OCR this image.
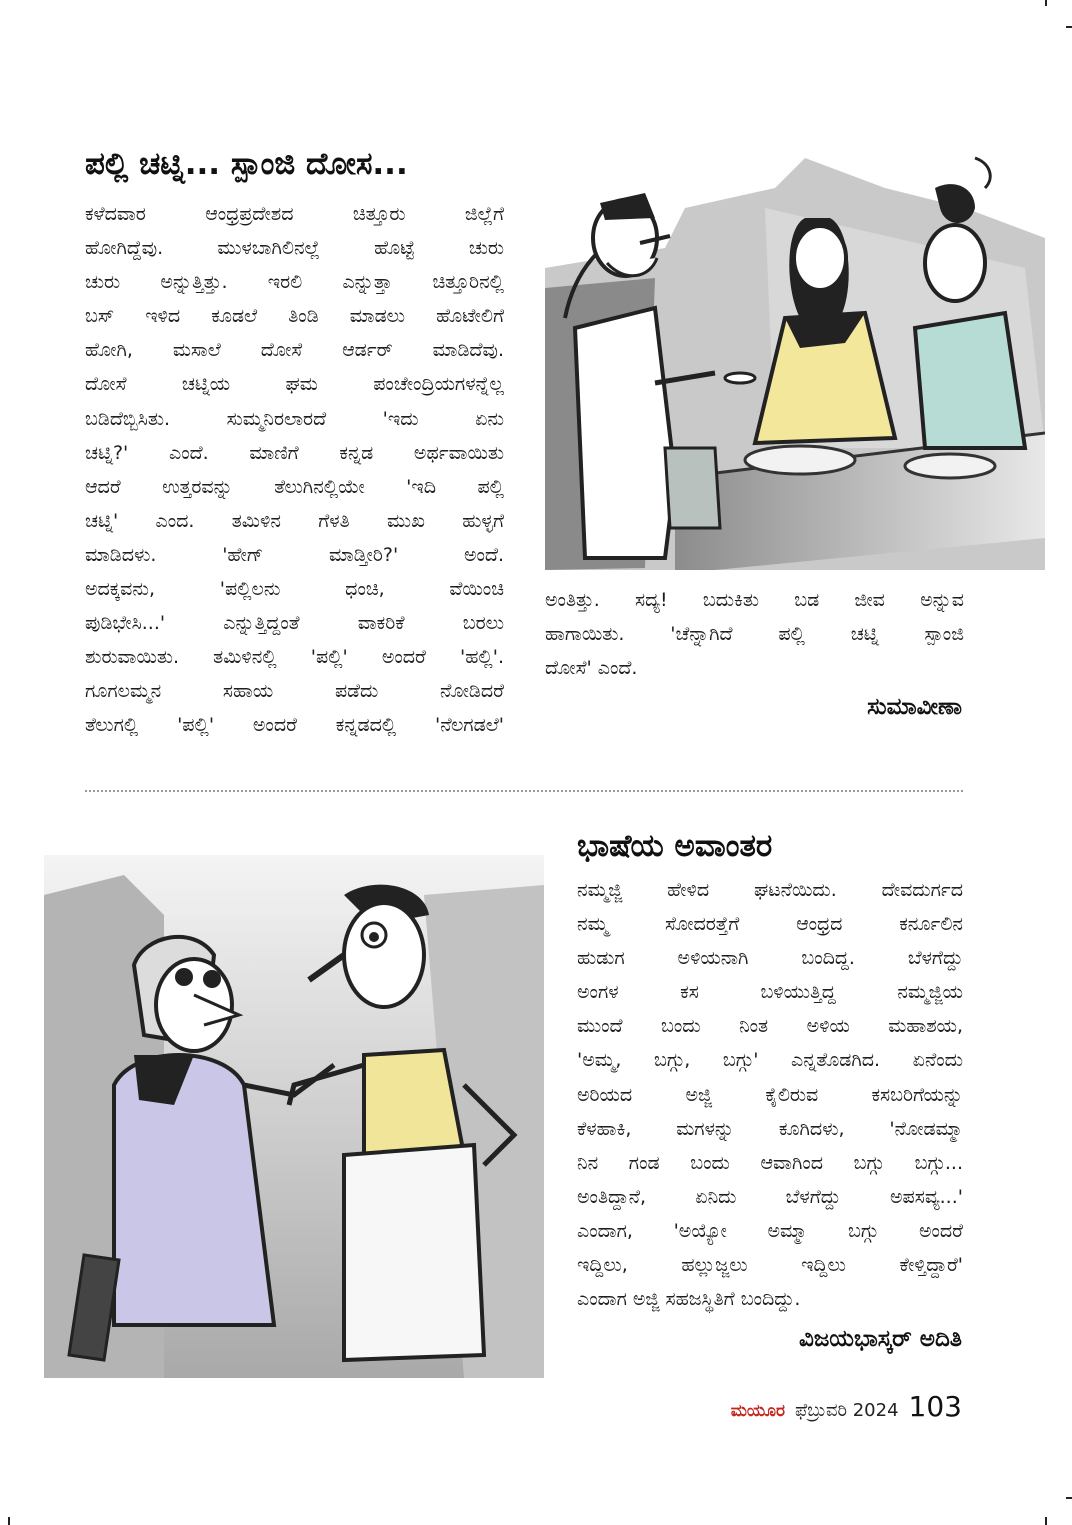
ಪಲ್ಲಿ ಚಟ್ನಿ... ಸ್ಪಾಂಜಿ ದೋಸ...
ಕಳೆದವಾರ ಆಂಧ್ರಪ್ರದೇಶದ ಚಿತ್ತೂರು ಜಿಲ್ಲೆಗೆ
ಹೋಗಿದ್ದೆವು. ಮುಳಬಾಗಿಲಿನಲ್ಲೆ ಹೊಟ್ಟೆ ಚುರು
ಚುರು ಅನ್ನುತ್ತಿತ್ತು. ಇರಲಿ ಎನ್ನುತ್ತಾ ಚಿತ್ತೂರಿನಲ್ಲಿ
ಬಸ್ ಇಳಿದ ಕೂಡಲೆ ತಿಂಡಿ ಮಾಡಲು ಹೊಟೇಲಿಗೆ
ಹೋಗಿ, ಮಸಾಲೆ ದೋಸೆ ಆರ್ಡರ್ ಮಾಡಿದೆವು.
ದೋಸೆ ಚಟ್ನಿಯ ಘಮ ಪಂಚೇಂದ್ರಿಯಗಳನ್ನೆಲ್ಲ
ಬಡಿದೆಬ್ಬಿಸಿತು. ಸುಮ್ಮನಿರಲಾರದೆ 'ಇದು ಏನು
ಚಟ್ನಿ?' ಎಂದೆ. ಮಾಣಿಗೆ ಕನ್ನಡ ಅರ್ಥವಾಯಿತು
ಆದರೆ ಉತ್ತರವನ್ನು ತೆಲುಗಿನಲ್ಲಿಯೇ 'ಇದಿ ಪಲ್ಲಿ
ಚಟ್ನಿ' ಎಂದ. ತಮಿಳಿನ ಗೆಳತಿ ಮುಖ ಹುಳ್ಳಗೆ
ಮಾಡಿದಳು. 'ಹೇಗ್ ಮಾಡ್ತೀರಿ?' ಅಂದೆ.
ಅದಕ್ಕವನು, 'ಪಲ್ಲಿಲನು ಧಂಚಿ, ವೆಯಿಂಚಿ
ಪುಡಿಭೇಸಿ...' ಎನ್ನುತ್ತಿದ್ದಂತೆ ವಾಕರಿಕೆ ಬರಲು
ಶುರುವಾಯಿತು. ತಮಿಳಿನಲ್ಲಿ 'ಪಲ್ಲಿ' ಅಂದರೆ 'ಹಲ್ಲಿ'.
ಗೂಗಲಮ್ಮನ ಸಹಾಯ ಪಡೆದು ನೋಡಿದರೆ
ತೆಲುಗಲ್ಲಿ 'ಪಲ್ಲಿ' ಅಂದರೆ ಕನ್ನಡದಲ್ಲಿ 'ನೆಲಗಡಲೆ'
ಅಂತಿತ್ತು. ಸದ್ಯ! ಬದುಕಿತು ಬಡ ಜೀವ ಅನ್ನುವ
ಹಾಗಾಯಿತು. 'ಚೆನ್ನಾಗಿದೆ ಪಲ್ಲಿ ಚಟ್ನಿ ಸ್ಪಾಂಜಿ
ದೋಸೆ' ಎಂದೆ.
ಸುಮಾವೀಣಾ
ಭಾಷೆಯ ಅವಾಂತರ
ನಮ್ಮಜ್ಜಿ ಹೇಳಿದ ಘಟನೆಯಿದು. ದೇವದುರ್ಗದ
ನಮ್ಮ ಸೋದರತ್ತೆಗೆ ಆಂಧ್ರದ ಕರ್ನೂಲಿನ
ಹುಡುಗ ಅಳಿಯನಾಗಿ ಬಂದಿದ್ದ. ಬೆಳಗೆದ್ದು
ಅಂಗಳ ಕಸ ಬಳಿಯುತ್ತಿದ್ದ ನಮ್ಮಜ್ಜಿಯ
ಮುಂದೆ ಬಂದು ನಿಂತ ಅಳಿಯ ಮಹಾಶಯ,
'ಅಮ್ಮ, ಬಗ್ಗು, ಬಗ್ಗು' ಎನ್ನತೊಡಗಿದ. ಏನೆಂದು
ಅರಿಯದ ಅಜ್ಜಿ ಕೈಲಿರುವ ಕಸಬರಿಗೆಯನ್ನು
ಕೆಳಹಾಕಿ, ಮಗಳನ್ನು ಕೂಗಿದಳು, 'ನೋಡಮ್ಮಾ
ನಿನ ಗಂಡ ಬಂದು ಆವಾಗಿಂದ ಬಗ್ಗು ಬಗ್ಗು...
ಅಂತಿದ್ದಾನೆ, ಏನಿದು ಬೆಳಗೆದ್ದು ಅಪಸವ್ಯ...'
ಎಂದಾಗ, 'ಅಯ್ಯೋ ಅಮ್ಮಾ ಬಗ್ಗು ಅಂದರೆ
ಇದ್ದಿಲು, ಹಲ್ಲುಜ್ಜಲು ಇದ್ದಿಲು ಕೇಳ್ತಿದ್ದಾರೆ'
ಎಂದಾಗ ಅಜ್ಜಿ ಸಹಜಸ್ಥಿತಿಗೆ ಬಂದಿದ್ದು.
ವಿಜಯಭಾಸ್ಕರ್ ಅದಿತಿ
ಮಯೂರ ಫೆಬ್ರುವರಿ 2024 103
